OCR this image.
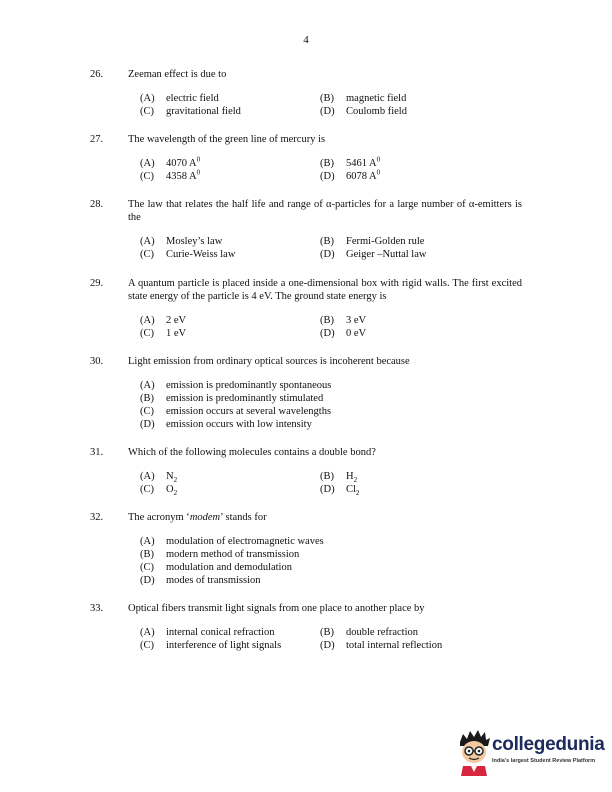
4
26.	Zeeman effect is due to
(A) electric field	(B) magnetic field
(C) gravitational field	(D) Coulomb field
27.	The wavelength of the green line of mercury is
(A) 4070 $A^0$	(B) 5461 $A^0$
(C) 4358 $A^0$	(D) 6078 $A^0$
28.	The law that relates the half life and range of α-particles for a large number of α-emitters is the
(A) Mosley’s law	(B) Fermi-Golden rule
(C) Curie-Weiss law	(D) Geiger –Nuttal law
29.	A quantum particle is placed inside a one-dimensional box with rigid walls. The first excited state energy of the particle is 4 eV. The ground state energy is
(A) 2 eV	(B) 3 eV
(C) 1 eV	(D) 0 eV
30.	Light emission from ordinary optical sources is incoherent because
(A) emission is predominantly spontaneous
(B) emission is predominantly stimulated
(C) emission occurs at several wavelengths
(D) emission occurs with low intensity
31.	Which of the following molecules contains a double bond?
(A) $N_2$	(B) $H_2$
(C) $O_2$	(D) $Cl_2$
32.	The acronym ‘modem’ stands for
(A) modulation of electromagnetic waves
(B) modern method of transmission
(C) modulation and demodulation
(D) modes of transmission
33.	Optical fibers transmit light signals from one place to another place by
(A) internal conical refraction	(B) double refraction
(C) interference of light signals	(D) total internal reflection
collegedunia
India's largest Student Review Platform
